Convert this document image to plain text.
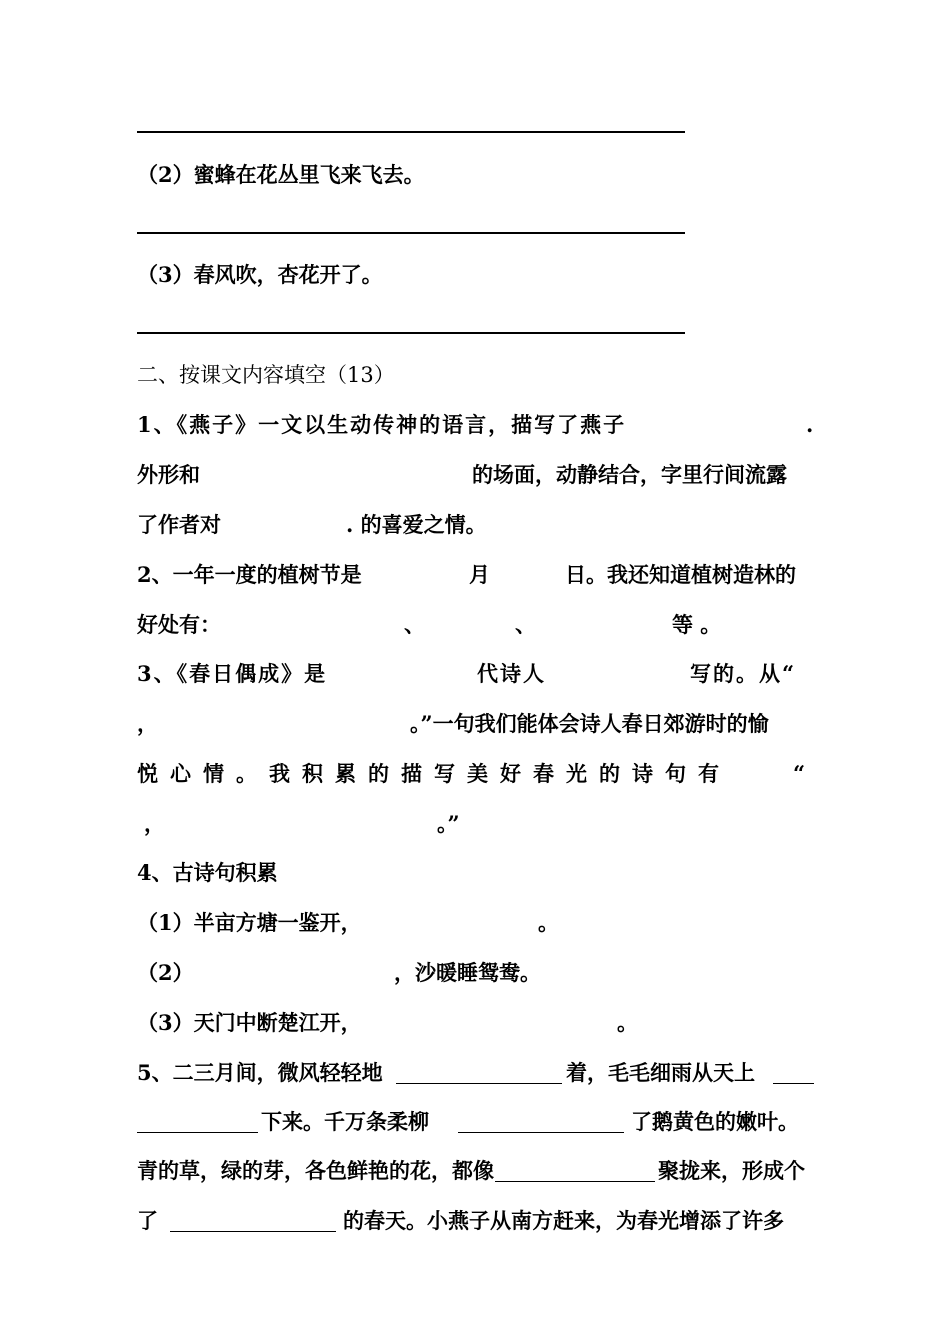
（2）蜜蜂在花丛里飞来飞去。
（3）春风吹，杏花开了。
二、按课文内容填空（13）
1、《燕子》一文以生动传神的语言，描写了燕子	.
外形和	的场面，动静结合，字里行间流露
了作者对	. 的喜爱之情。
2、一年一度的植树节是	月	日。我还知道植树造林的
好处有：	、	、	等 。
3、《春日偶成》是	代诗人	写的。从“
，	。”一句我们能体会诗人春日郊游时的愉
悦心情。我积累的描写美好春光的诗句有	“
，	。”
4、古诗句积累
（1）半亩方塘一鉴开，	。
（2）	，沙暖睡鸳鸯。
（3）天门中断楚江开，	。
5、二三月间，微风轻轻地	着，毛毛细雨从天上
下来。千万条柔柳	了鹅黄色的嫩叶。
青的草，绿的芽，各色鲜艳的花，都像	聚拢来，形成个
了	的春天。小燕子从南方赶来，为春光增添了许多
